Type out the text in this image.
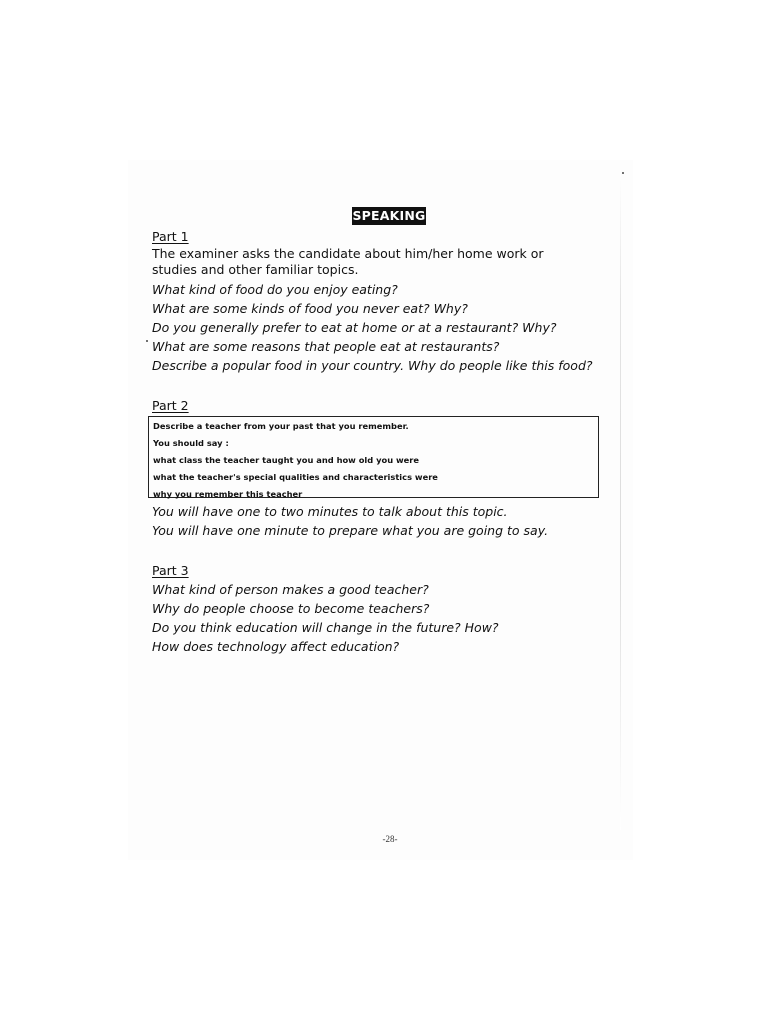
SPEAKING
Part 1
The examiner asks the candidate about him/her home work or studies and other familiar topics.
What kind of food do you enjoy eating?
What are some kinds of food you never eat? Why?
Do you generally prefer to eat at home or at a restaurant? Why?
What are some reasons that people eat at restaurants?
Describe a popular food in your country. Why do people like this food?
Part 2
Describe a teacher from your past that you remember.
You should say :
what class the teacher taught you and how old you were
what the teacher's special qualities and characteristics were
why you remember this teacher
You will have one to two minutes to talk about this topic.
You will have one minute to prepare what you are going to say.
Part 3
What kind of person makes a good teacher?
Why do people choose to become teachers?
Do you think education will change in the future? How?
How does technology affect education?
-28-
